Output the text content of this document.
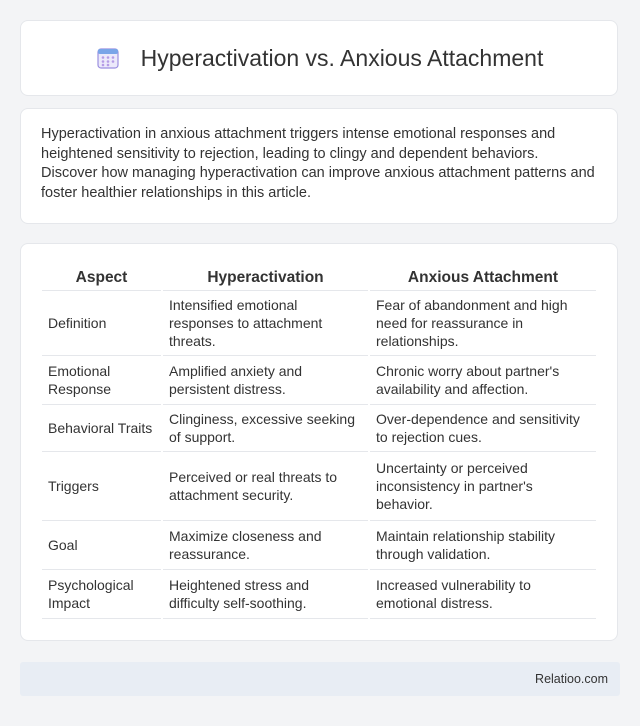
Hyperactivation vs. Anxious Attachment

Hyperactivation in anxious attachment triggers intense emotional responses and heightened sensitivity to rejection, leading to clingy and dependent behaviors. Discover how managing hyperactivation can improve anxious attachment patterns and foster healthier relationships in this article.

Aspect	Hyperactivation	Anxious Attachment
Definition	Intensified emotional responses to attachment threats.	Fear of abandonment and high need for reassurance in relationships.
Emotional Response	Amplified anxiety and persistent distress.	Chronic worry about partner's availability and affection.
Behavioral Traits	Clinginess, excessive seeking of support.	Over-dependence and sensitivity to rejection cues.
Triggers	Perceived or real threats to attachment security.	Uncertainty or perceived inconsistency in partner's behavior.
Goal	Maximize closeness and reassurance.	Maintain relationship stability through validation.
Psychological Impact	Heightened stress and difficulty self-soothing.	Increased vulnerability to emotional distress.
Relatioo.com
